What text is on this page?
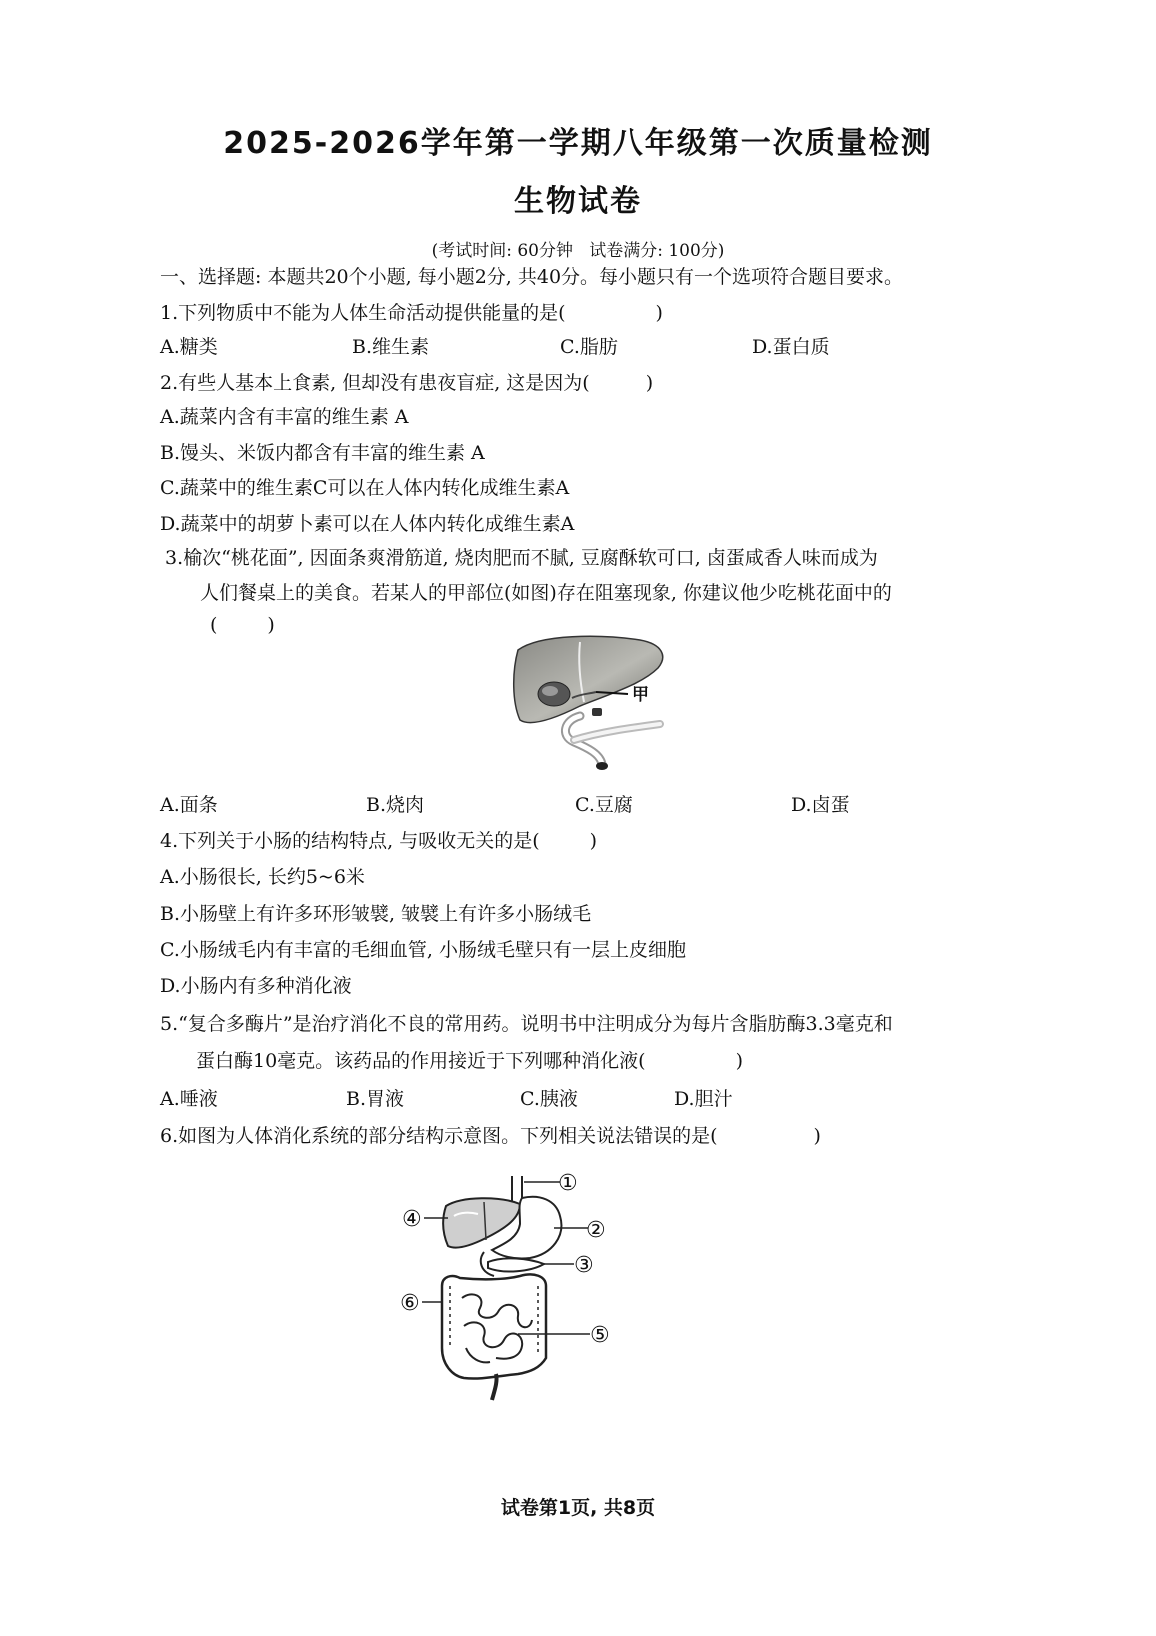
2025-2026学年第一学期八年级第一次质量检测
生物试卷
(考试时间: 60分钟 试卷满分: 100分)
一、选择题: 本题共20个小题, 每小题2分, 共40分。每小题只有一个选项符合题目要求。
1.下列物质中不能为人体生命活动提供能量的是(	)
A.糖类	B.维生素	C.脂肪	D.蛋白质
2.有些人基本上食素, 但却没有患夜盲症, 这是因为(	)
A.蔬菜内含有丰富的维生素 A
B.馒头、米饭内都含有丰富的维生素 A
C.蔬菜中的维生素C可以在人体内转化成维生素A
D.蔬菜中的胡萝卜素可以在人体内转化成维生素A
3.榆次“桃花面”, 因面条爽滑筋道, 烧肉肥而不腻, 豆腐酥软可口, 卤蛋咸香人味而成为
人们餐桌上的美食。若某人的甲部位(如图)存在阻塞现象, 你建议他少吃桃花面中的
(	)
甲
A.面条	B.烧肉	C.豆腐	D.卤蛋
4.下列关于小肠的结构特点, 与吸收无关的是(	)
A.小肠很长, 长约5~6米
B.小肠壁上有许多环形皱襞, 皱襞上有许多小肠绒毛
C.小肠绒毛内有丰富的毛细血管, 小肠绒毛壁只有一层上皮细胞
D.小肠内有多种消化液
5.“复合多酶片”是治疗消化不良的常用药。说明书中注明成分为每片含脂肪酶3.3毫克和
蛋白酶10毫克。该药品的作用接近于下列哪种消化液(	)
A.唾液	B.胃液	C.胰液	D.胆汁
6.如图为人体消化系统的部分结构示意图。下列相关说法错误的是(	)
①
②
③
④
⑤
⑥
试卷第1页, 共8页
